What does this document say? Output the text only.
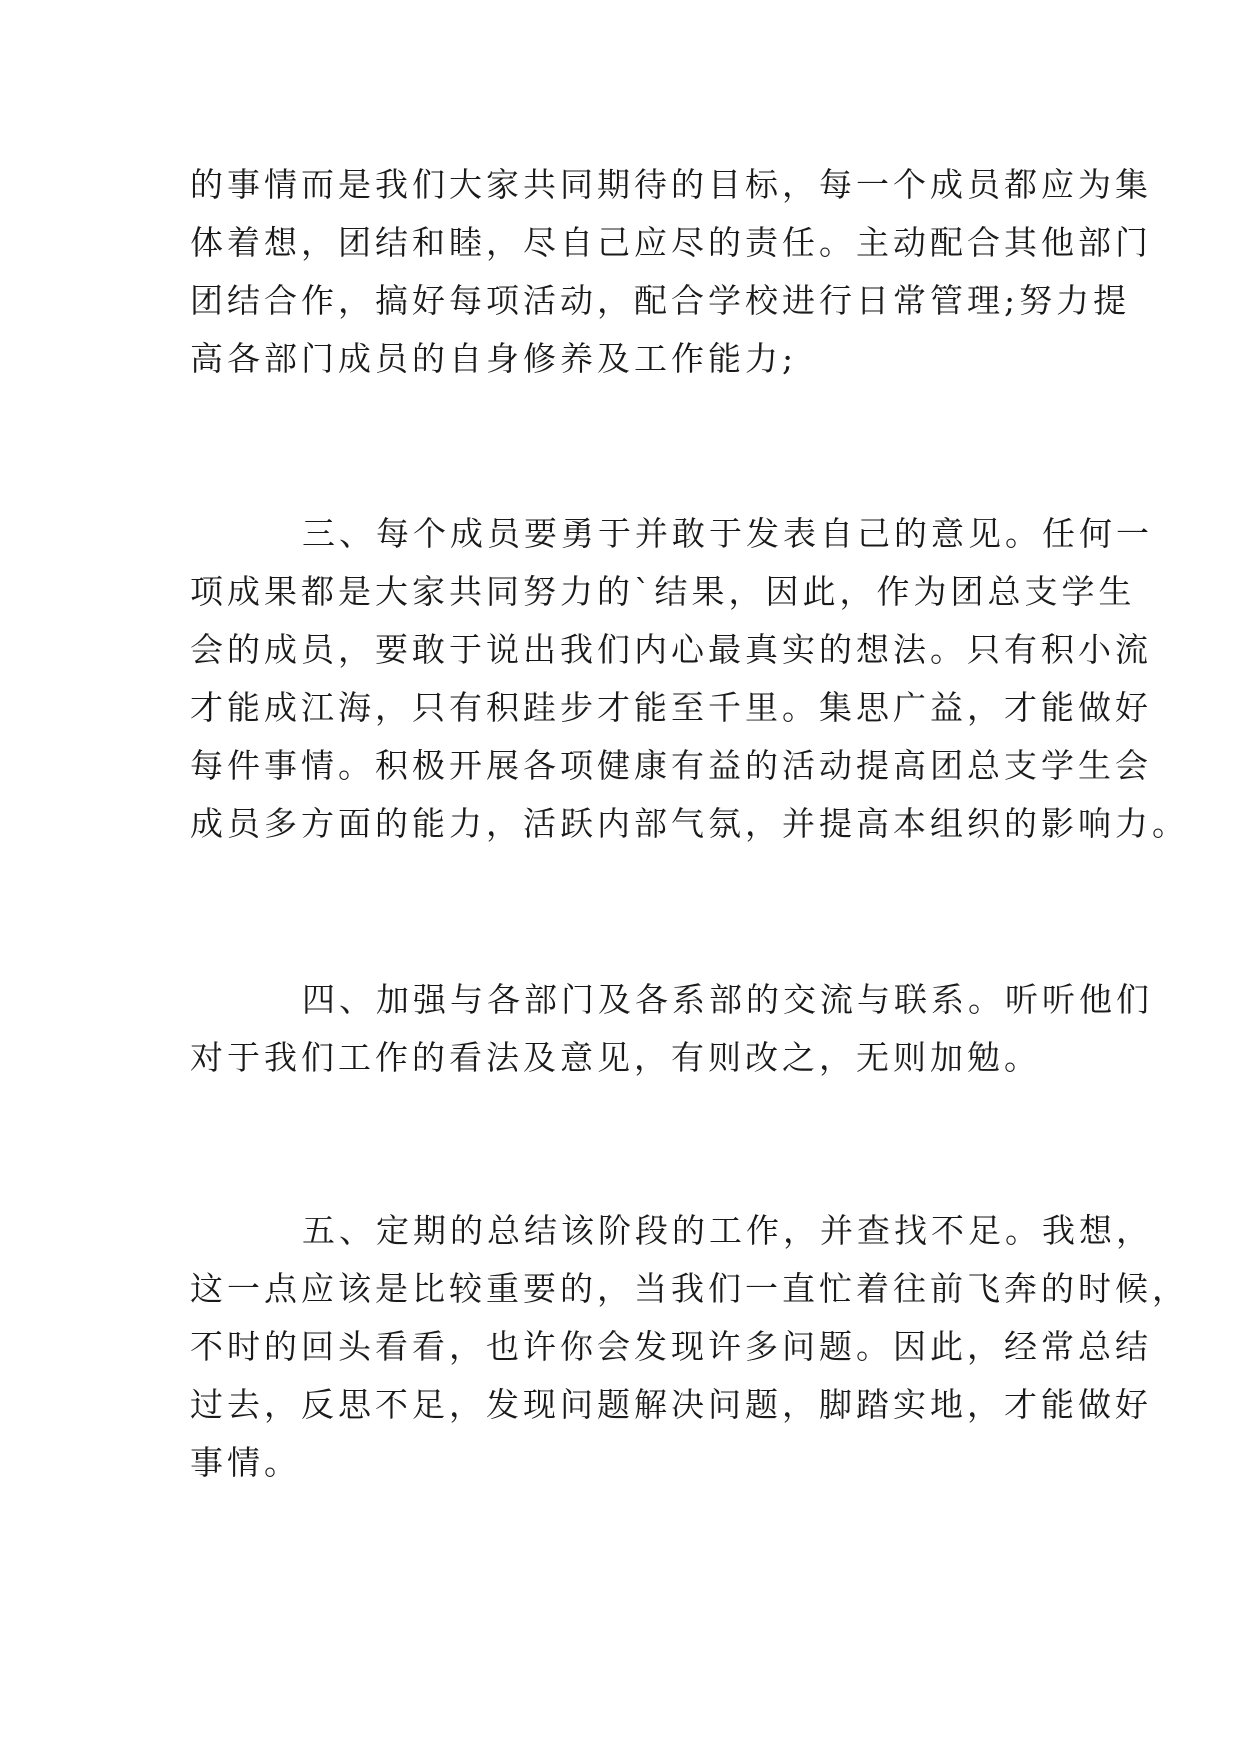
的事情而是我们大家共同期待的目标，每一个成员都应为集
体着想，团结和睦，尽自己应尽的责任。主动配合其他部门
团结合作，搞好每项活动，配合学校进行日常管理;努力提
高各部门成员的自身修养及工作能力;
三、每个成员要勇于并敢于发表自己的意见。任何一
项成果都是大家共同努力的`结果，因此，作为团总支学生
会的成员，要敢于说出我们内心最真实的想法。只有积小流
才能成江海，只有积跬步才能至千里。集思广益，才能做好
每件事情。积极开展各项健康有益的活动提高团总支学生会
成员多方面的能力，活跃内部气氛，并提高本组织的影响力。
四、加强与各部门及各系部的交流与联系。听听他们
对于我们工作的看法及意见，有则改之，无则加勉。
五、定期的总结该阶段的工作，并查找不足。我想，
这一点应该是比较重要的，当我们一直忙着往前飞奔的时候，
不时的回头看看，也许你会发现许多问题。因此，经常总结
过去，反思不足，发现问题解决问题，脚踏实地，才能做好
事情。
